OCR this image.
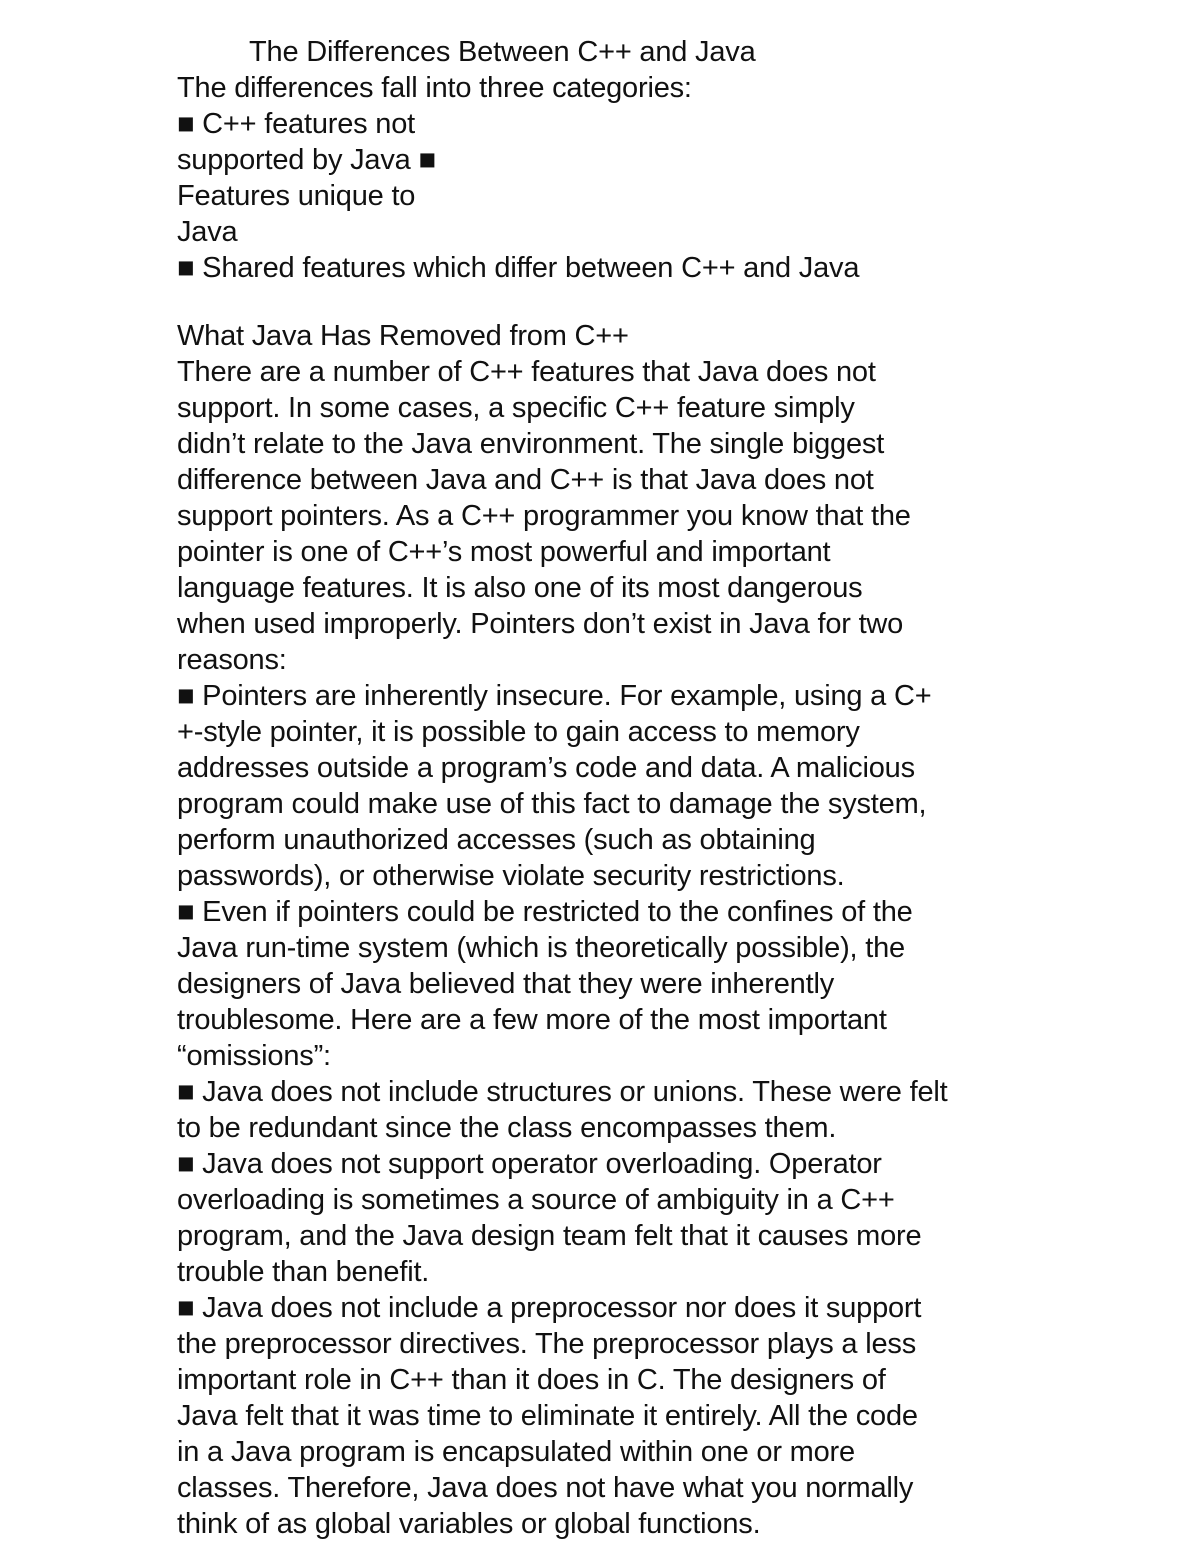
The Differences Between C++ and Java
The differences fall into three categories:
■ C++ features not
supported by Java ■
Features unique to
Java
■ Shared features which differ between C++ and Java
What Java Has Removed from C++
There are a number of C++ features that Java does not
support. In some cases, a specific C++ feature simply
didn’t relate to the Java environment. The single biggest
difference between Java and C++ is that Java does not
support pointers. As a C++ programmer you know that the
pointer is one of C++’s most powerful and important
language features. It is also one of its most dangerous
when used improperly. Pointers don’t exist in Java for two
reasons:
■ Pointers are inherently insecure. For example, using a C+
+-style pointer, it is possible to gain access to memory
addresses outside a program’s code and data. A malicious
program could make use of this fact to damage the system,
perform unauthorized accesses (such as obtaining
passwords), or otherwise violate security restrictions.
■ Even if pointers could be restricted to the confines of the
Java run-time system (which is theoretically possible), the
designers of Java believed that they were inherently
troublesome. Here are a few more of the most important
“omissions”:
■ Java does not include structures or unions. These were felt
to be redundant since the class encompasses them.
■ Java does not support operator overloading. Operator
overloading is sometimes a source of ambiguity in a C++
program, and the Java design team felt that it causes more
trouble than benefit.
■ Java does not include a preprocessor nor does it support
the preprocessor directives. The preprocessor plays a less
important role in C++ than it does in C. The designers of
Java felt that it was time to eliminate it entirely. All the code
in a Java program is encapsulated within one or more
classes. Therefore, Java does not have what you normally
think of as global variables or global functions.
